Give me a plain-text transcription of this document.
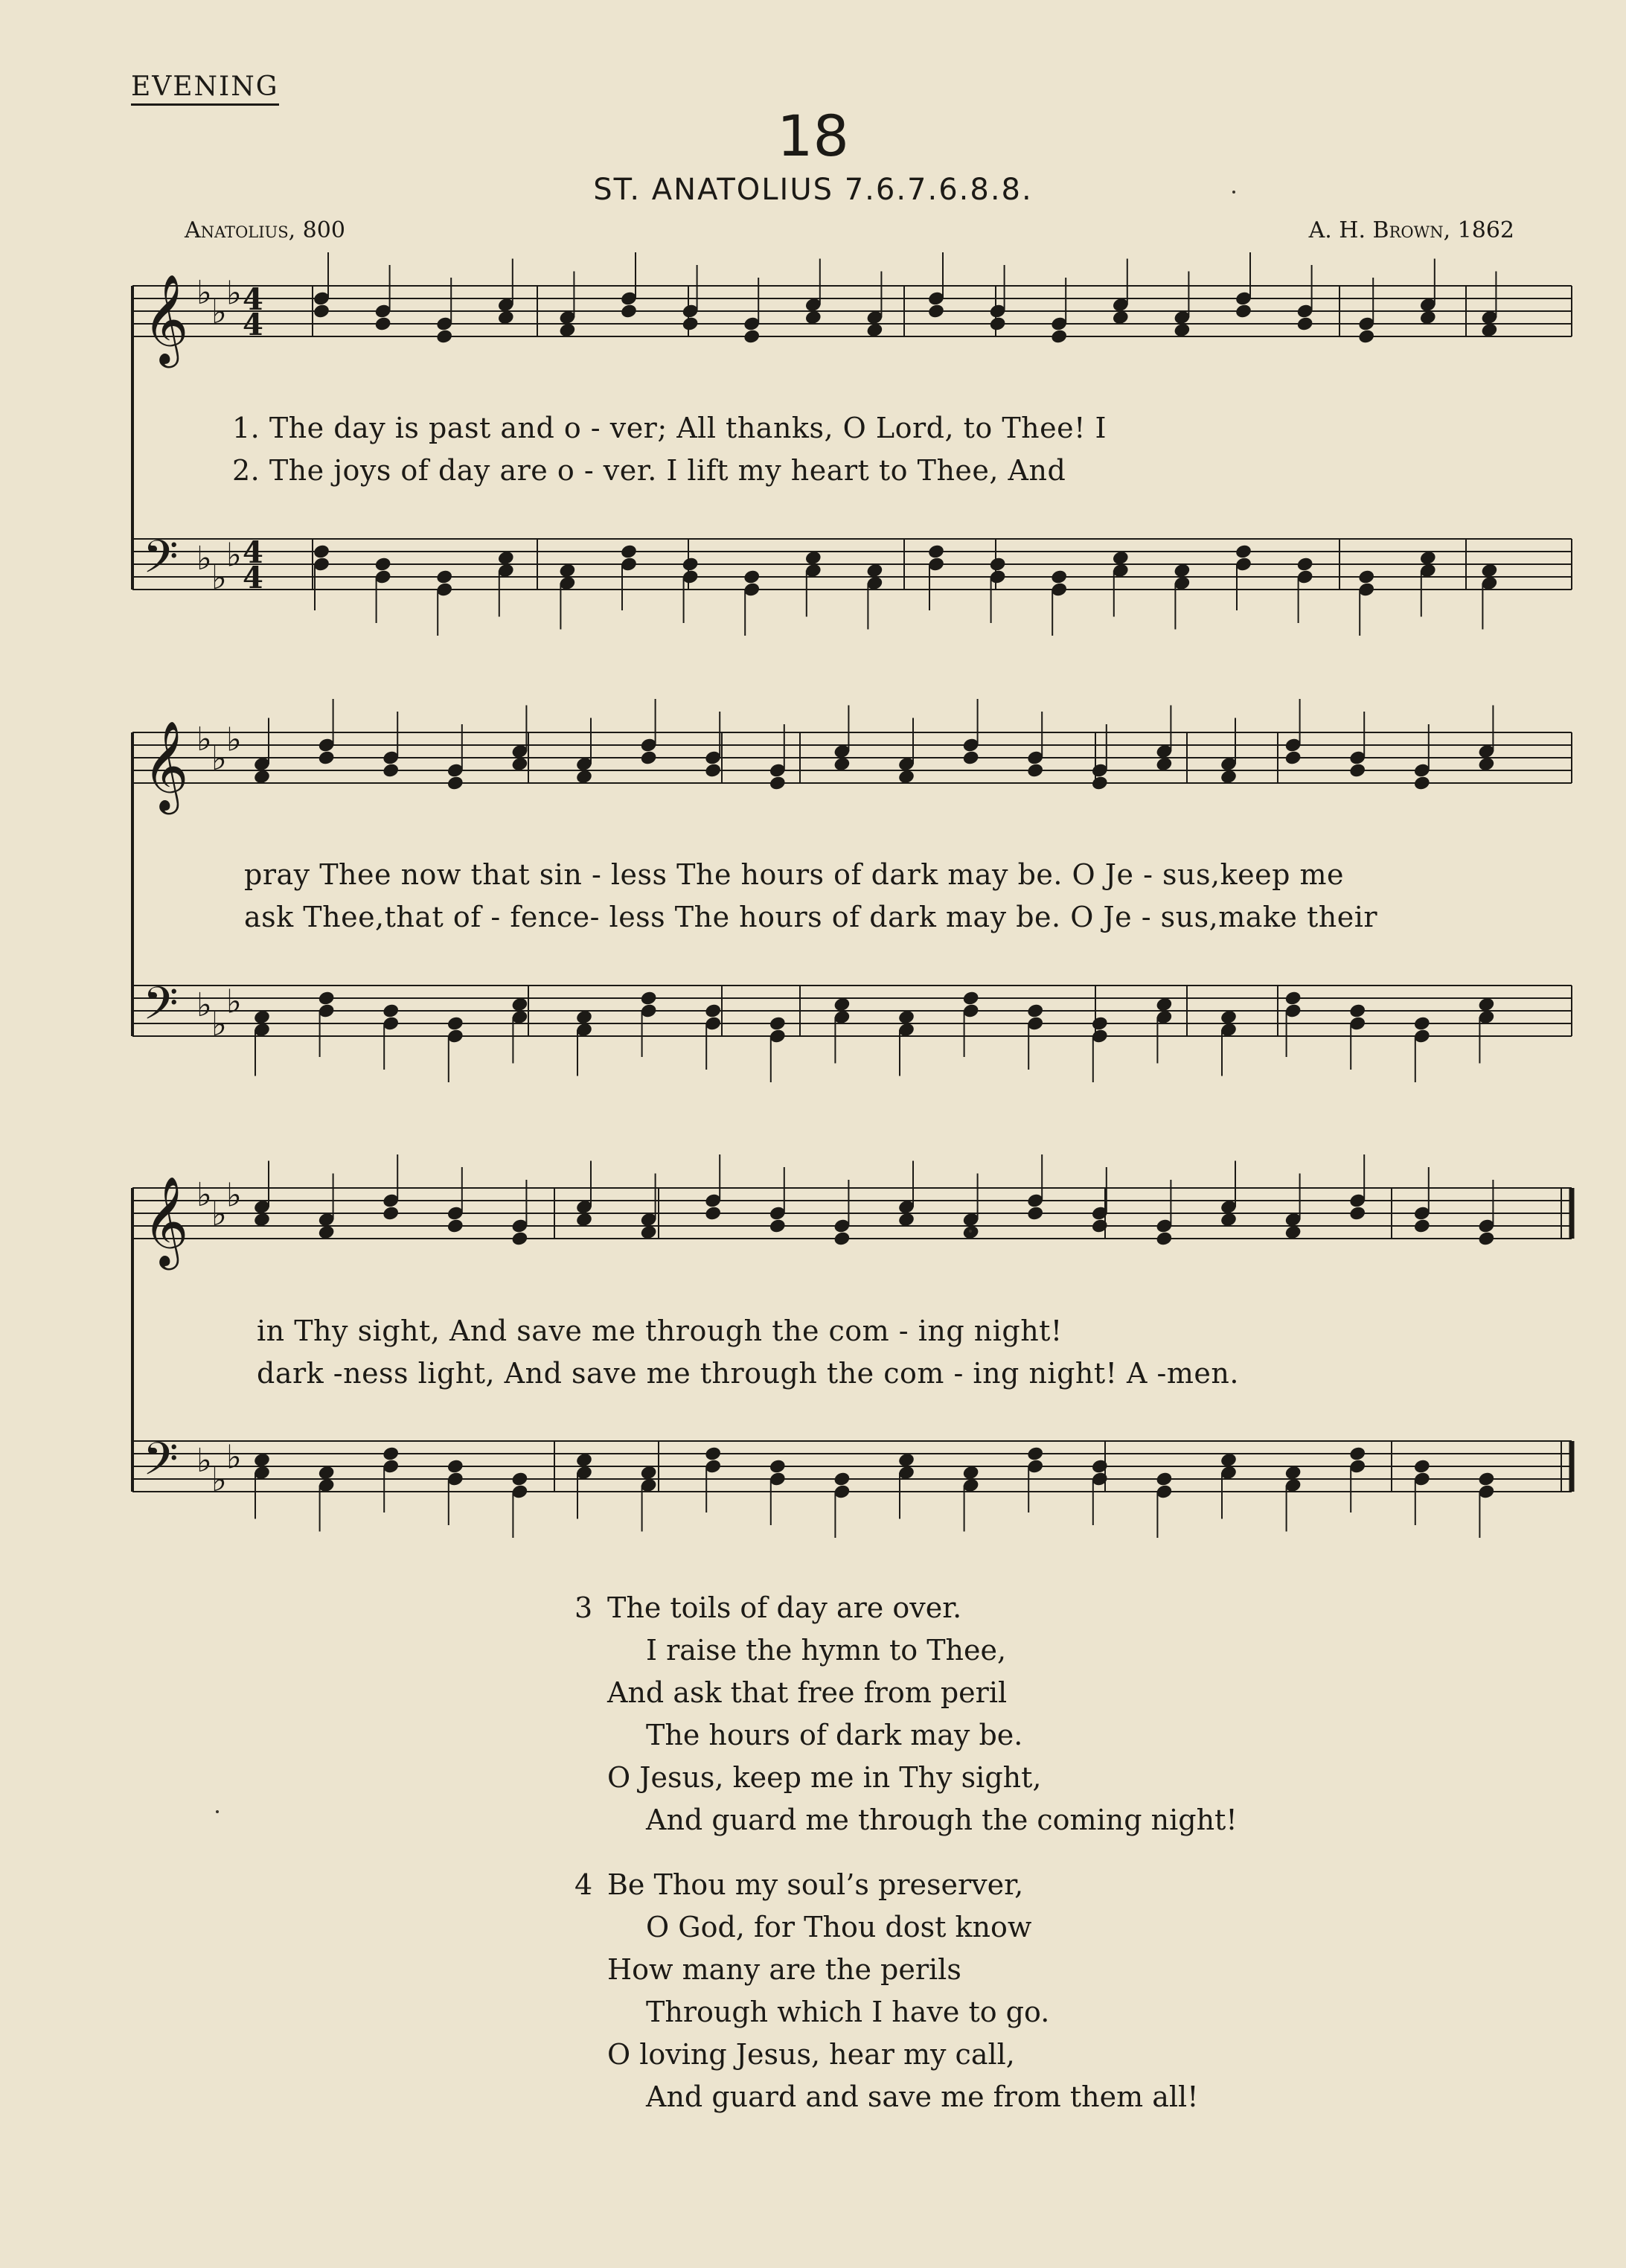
EVENING
18
ST. ANATOLIUS 7.6.7.6.8.8.
Anatolius, 800	A. H. Brown, 1862
𝄞 ♭
♭ ♭ 4
4
𝄢 ♭
♭
♭ 4
4
𝄞 ♭
♭ ♭
𝄢 ♭
♭
♭
𝄞 ♭
♭ ♭
𝄢 ♭
♭
♭
1. The day is past and o - ver; All thanks, O Lord, to Thee! I
2. The joys of day are o - ver. I lift my heart to Thee, And
pray Thee now that sin - less The hours of dark may be. O Je - sus,keep me
ask Thee,that of - fence- less The hours of dark may be. O Je - sus,make their
in Thy sight, And save me through the com - ing night!
dark -ness light, And save me through the com - ing night! A -men.
3 The toils of day are over.
I raise the hymn to Thee,
And ask that free from peril
The hours of dark may be.
O Jesus, keep me in Thy sight,
And guard me through the coming night!
4 Be Thou my soul’s preserver,
O God, for Thou dost know
How many are the perils
Through which I have to go.
O loving Jesus, hear my call,
And guard and save me from them all!
